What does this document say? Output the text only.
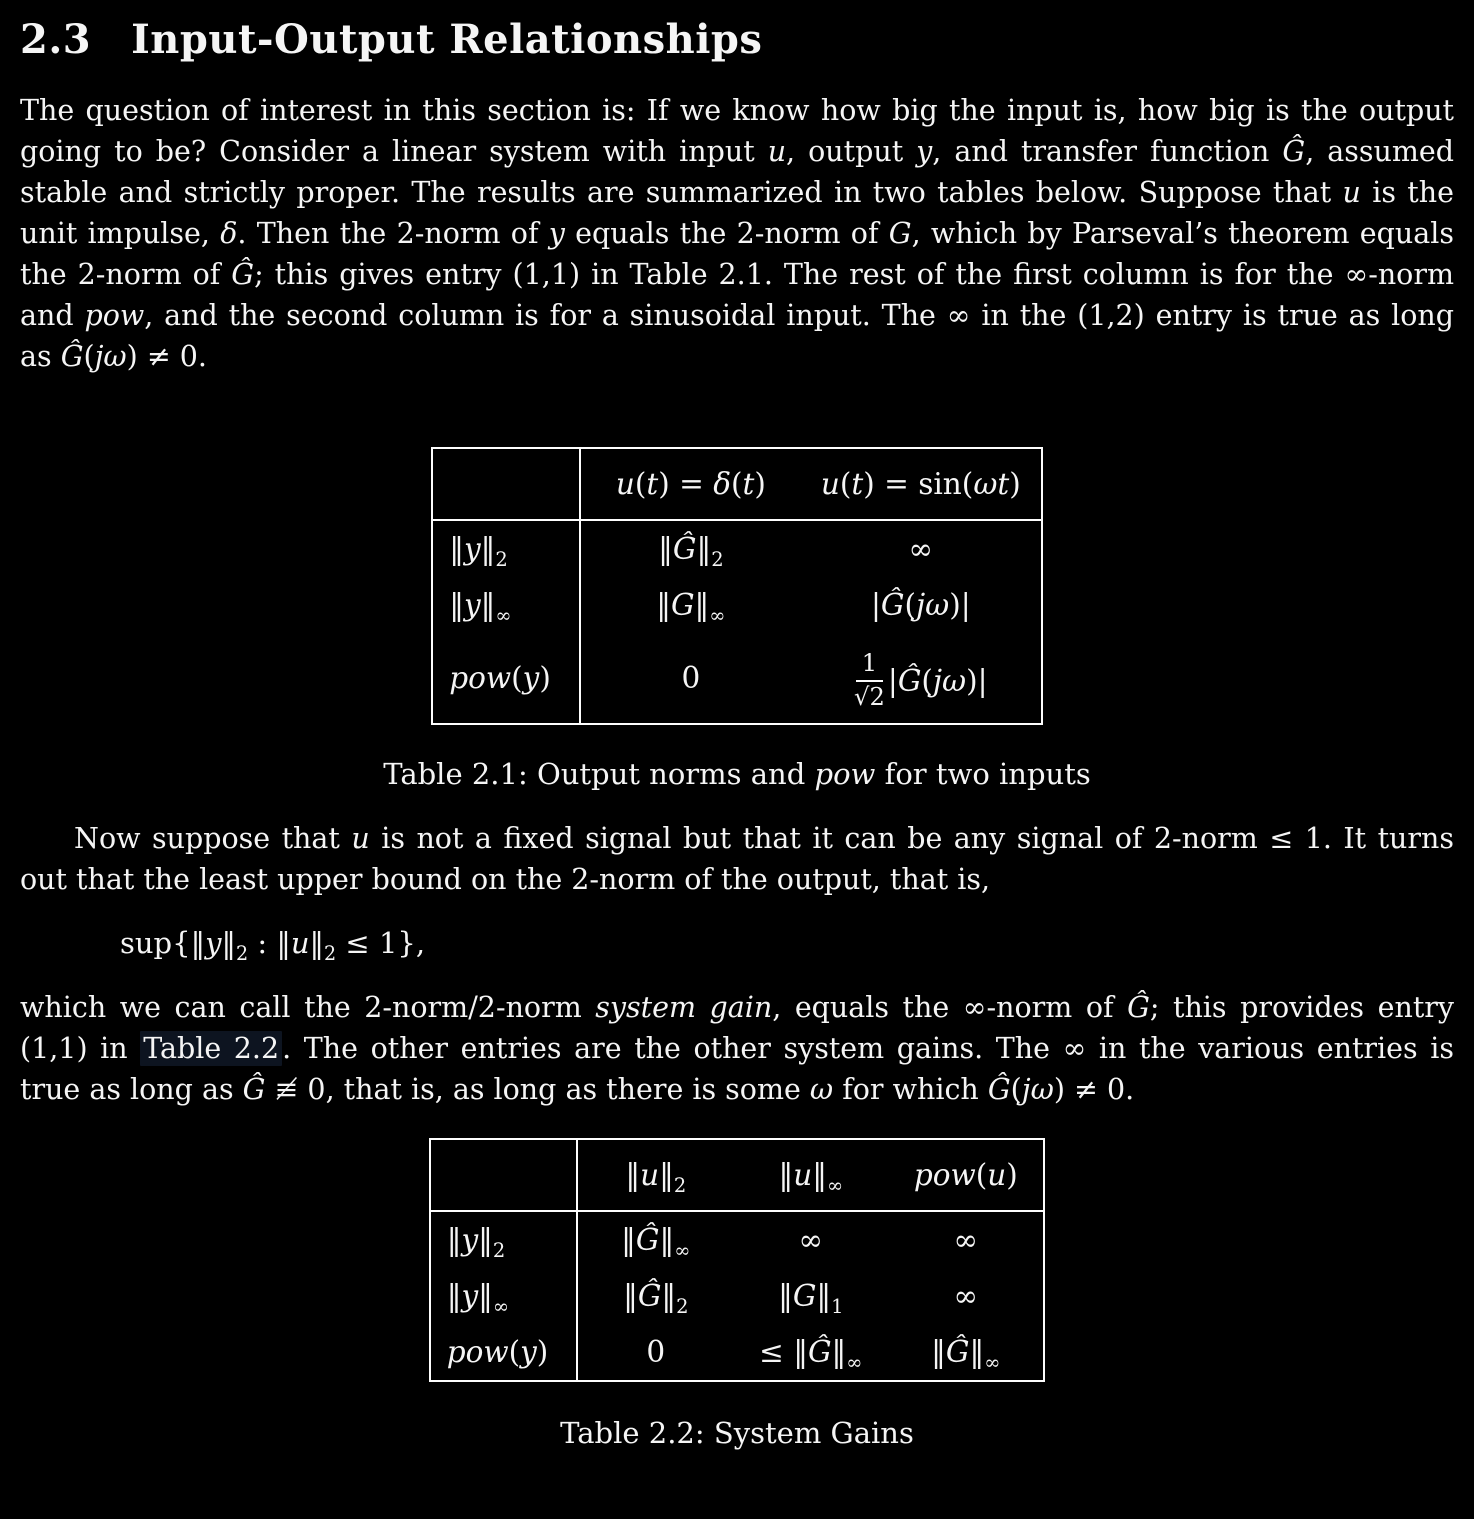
2.3 Input-Output Relationships

The question of interest in this section is: If we know how big the input is, how big is the output going to be? Consider a linear system with input u, output y, and transfer function Ĝ, assumed stable and strictly proper. The results are summarized in two tables below. Suppose that u is the unit impulse, δ. Then the 2-norm of y equals the 2-norm of G, which by Parseval’s theorem equals the 2-norm of Ĝ; this gives entry (1,1) in Table 2.1. The rest of the first column is for the ∞-norm and pow, and the second column is for a sinusoidal input. The ∞ in the (1,2) entry is true as long as Ĝ(jω) ≠ 0.

	u(t) = δ(t)	u(t) = sin(ωt)
$‖y‖_2$	$‖Ĝ‖_2$	∞
$‖y‖_\infty$	$‖G‖_\infty$	|Ĝ(jω)|
pow(y)	0	$\frac{1}{√2}$ |Ĝ(jω)|
Table 2.1: Output norms and pow for two inputs

Now suppose that u is not a fixed signal but that it can be any signal of 2-norm ≤ 1. It turns out that the least upper bound on the 2-norm of the output, that is,

$sup\{‖y‖_2$ : $‖u‖_2 \le 1$},

which we can call the 2-norm/2-norm system gain, equals the ∞-norm of Ĝ; this provides entry (1,1) in Table 2.2 . The other entries are the other system gains. The ∞ in the various entries is true as long as Ĝ ≢ 0, that is, as long as there is some ω for which Ĝ(jω) ≠ 0.

	$‖u‖_2$	$‖u‖_\infty$	pow(u)
$‖y‖_2$	$‖Ĝ‖_\infty$	∞	∞
$‖y‖_\infty$	$‖Ĝ‖_2$	$‖G‖_1$	∞
pow(y)	0	≤ $‖Ĝ‖_\infty$	$‖Ĝ‖_\infty$
Table 2.2: System Gains
